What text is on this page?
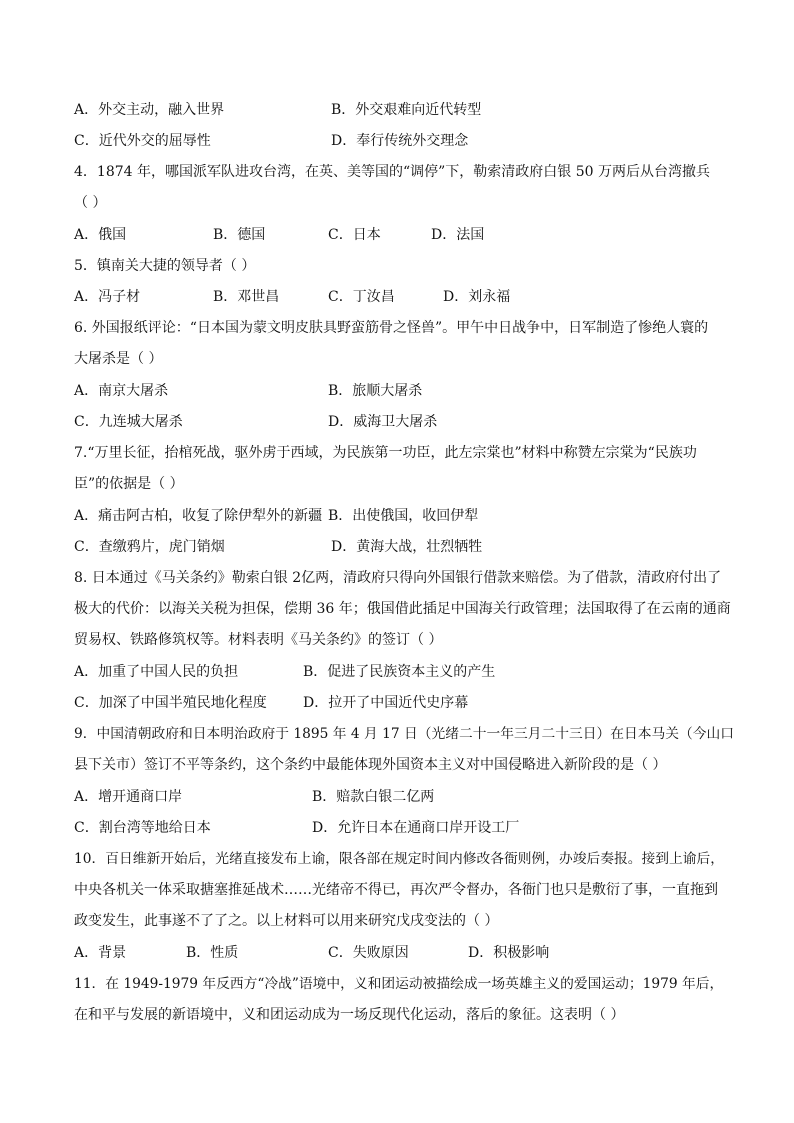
A．外交主动，融入世界	B．外交艰难向近代转型
C．近代外交的屈辱性	D．奉行传统外交理念
4．1874 年，哪国派军队进攻台湾，在英、美等国的“调停”下，勒索清政府白银 50 万两后从台湾撤兵
（ ）
A．俄国	B．德国	C．日本	D．法国
5．镇南关大捷的领导者（ ）
A．冯子材	B．邓世昌	C．丁汝昌	D．刘永福
6. 外国报纸评论：“日本国为蒙文明皮肤具野蛮筋骨之怪兽”。甲午中日战争中，日军制造了惨绝人寰的
大屠杀是（ ）
A．南京大屠杀	B．旅顺大屠杀
C．九连城大屠杀	D．威海卫大屠杀
7.“万里长征，抬棺死战，驱外虏于西域，为民族第一功臣，此左宗棠也”材料中称赞左宗棠为“民族功
臣”的依据是（ ）
A．痛击阿古柏，收复了除伊犁外的新疆 B．出使俄国，收回伊犁
C．查缴鸦片，虎门销烟	D．黄海大战，壮烈牺牲
8. 日本通过《马关条约》勒索白银 2亿两，清政府只得向外国银行借款来赔偿。为了借款，清政府付出了
极大的代价：以海关关税为担保，偿期 36 年；俄国借此插足中国海关行政管理；法国取得了在云南的通商
贸易权、铁路修筑权等。材料表明《马关条约》的签订（ ）
A．加重了中国人民的负担	B．促进了民族资本主义的产生
C．加深了中国半殖民地化程度	D．拉开了中国近代史序幕
9．中国清朝政府和日本明治政府于 1895 年 4 月 17 日（光绪二十一年三月二十三日）在日本马关（今山口
县下关市）签订不平等条约，这个条约中最能体现外国资本主义对中国侵略进入新阶段的是（ ）
A．增开通商口岸	B．赔款白银二亿两
C．割台湾等地给日本	D．允许日本在通商口岸开设工厂
10．百日维新开始后，光绪直接发布上谕，限各部在规定时间内修改各衙则例，办竣后奏报。接到上谕后，
中央各机关一体采取搪塞推延战术……光绪帝不得已，再次严令督办，各衙门也只是敷衍了事，一直拖到
政变发生，此事遂不了了之。以上材料可以用来研究戊戌变法的（ ）
A．背景	B．性质	C．失败原因	D．积极影响
11．在 1949-1979 年反西方“冷战”语境中，义和团运动被描绘成一场英雄主义的爱国运动；1979 年后，
在和平与发展的新语境中，义和团运动成为一场反现代化运动，落后的象征。这表明（ ）
